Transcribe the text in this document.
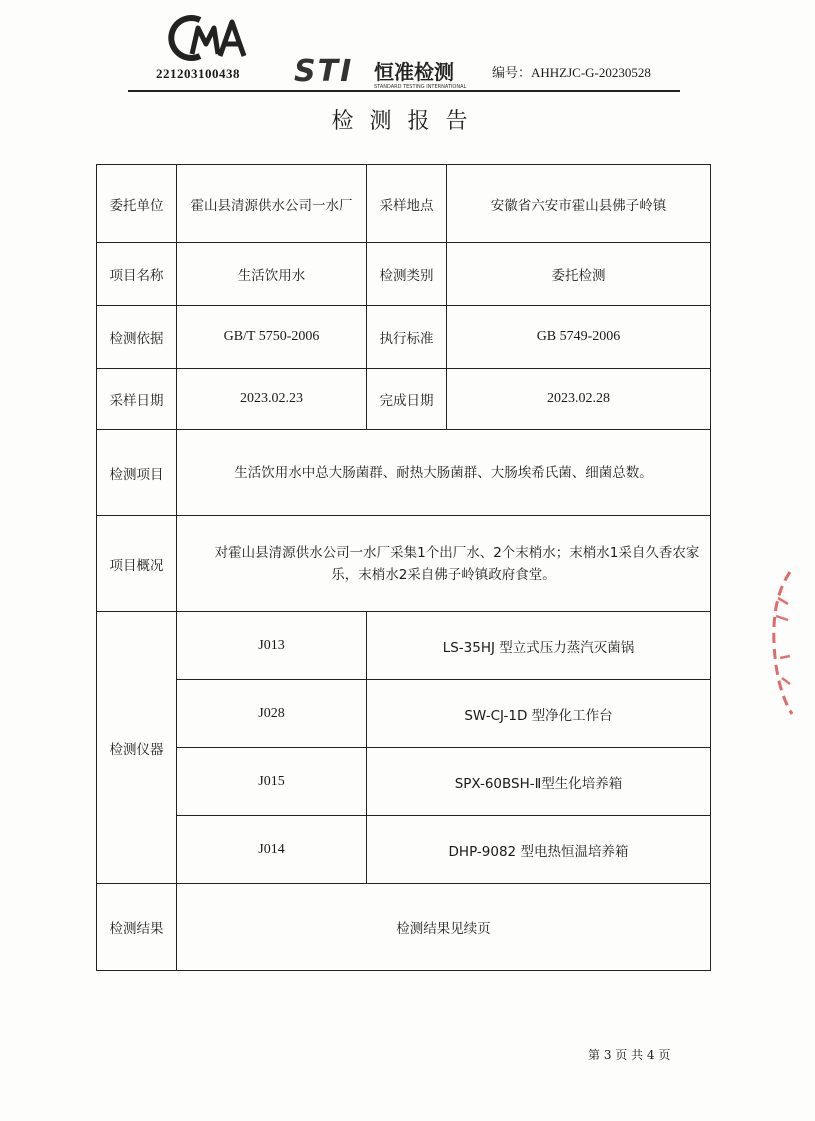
221203100438 STI 恒准检测
STANDARD TESTING INTERNATIONAL
编号：AHHZJC-G-20230528
检测报告
委托单位	霍山县清源供水公司一水厂	采样地点	安徽省六安市霍山县佛子岭镇
项目名称	生活饮用水	检测类别	委托检测
检测依据	GB/T 5750-2006	执行标准	GB 5749-2006
采样日期	2023.02.23	完成日期	2023.02.28
检测项目	生活饮用水中总大肠菌群、耐热大肠菌群、大肠埃希氏菌、细菌总数。		
项目概况	对霍山县清源供水公司一水厂采集1个出厂水、2个末梢水；末梢水1采自久香农家乐，末梢水2采自佛子岭镇政府食堂。		
检测仪器	J013	LS-35HJ 型立式压力蒸汽灭菌锅	
	J028	SW-CJ-1D 型净化工作台	
	J015	SPX-60BSH-Ⅱ型生化培养箱	
	J014	DHP-9082 型电热恒温培养箱	
检测结果	检测结果见续页		
第 3 页 共 4 页
